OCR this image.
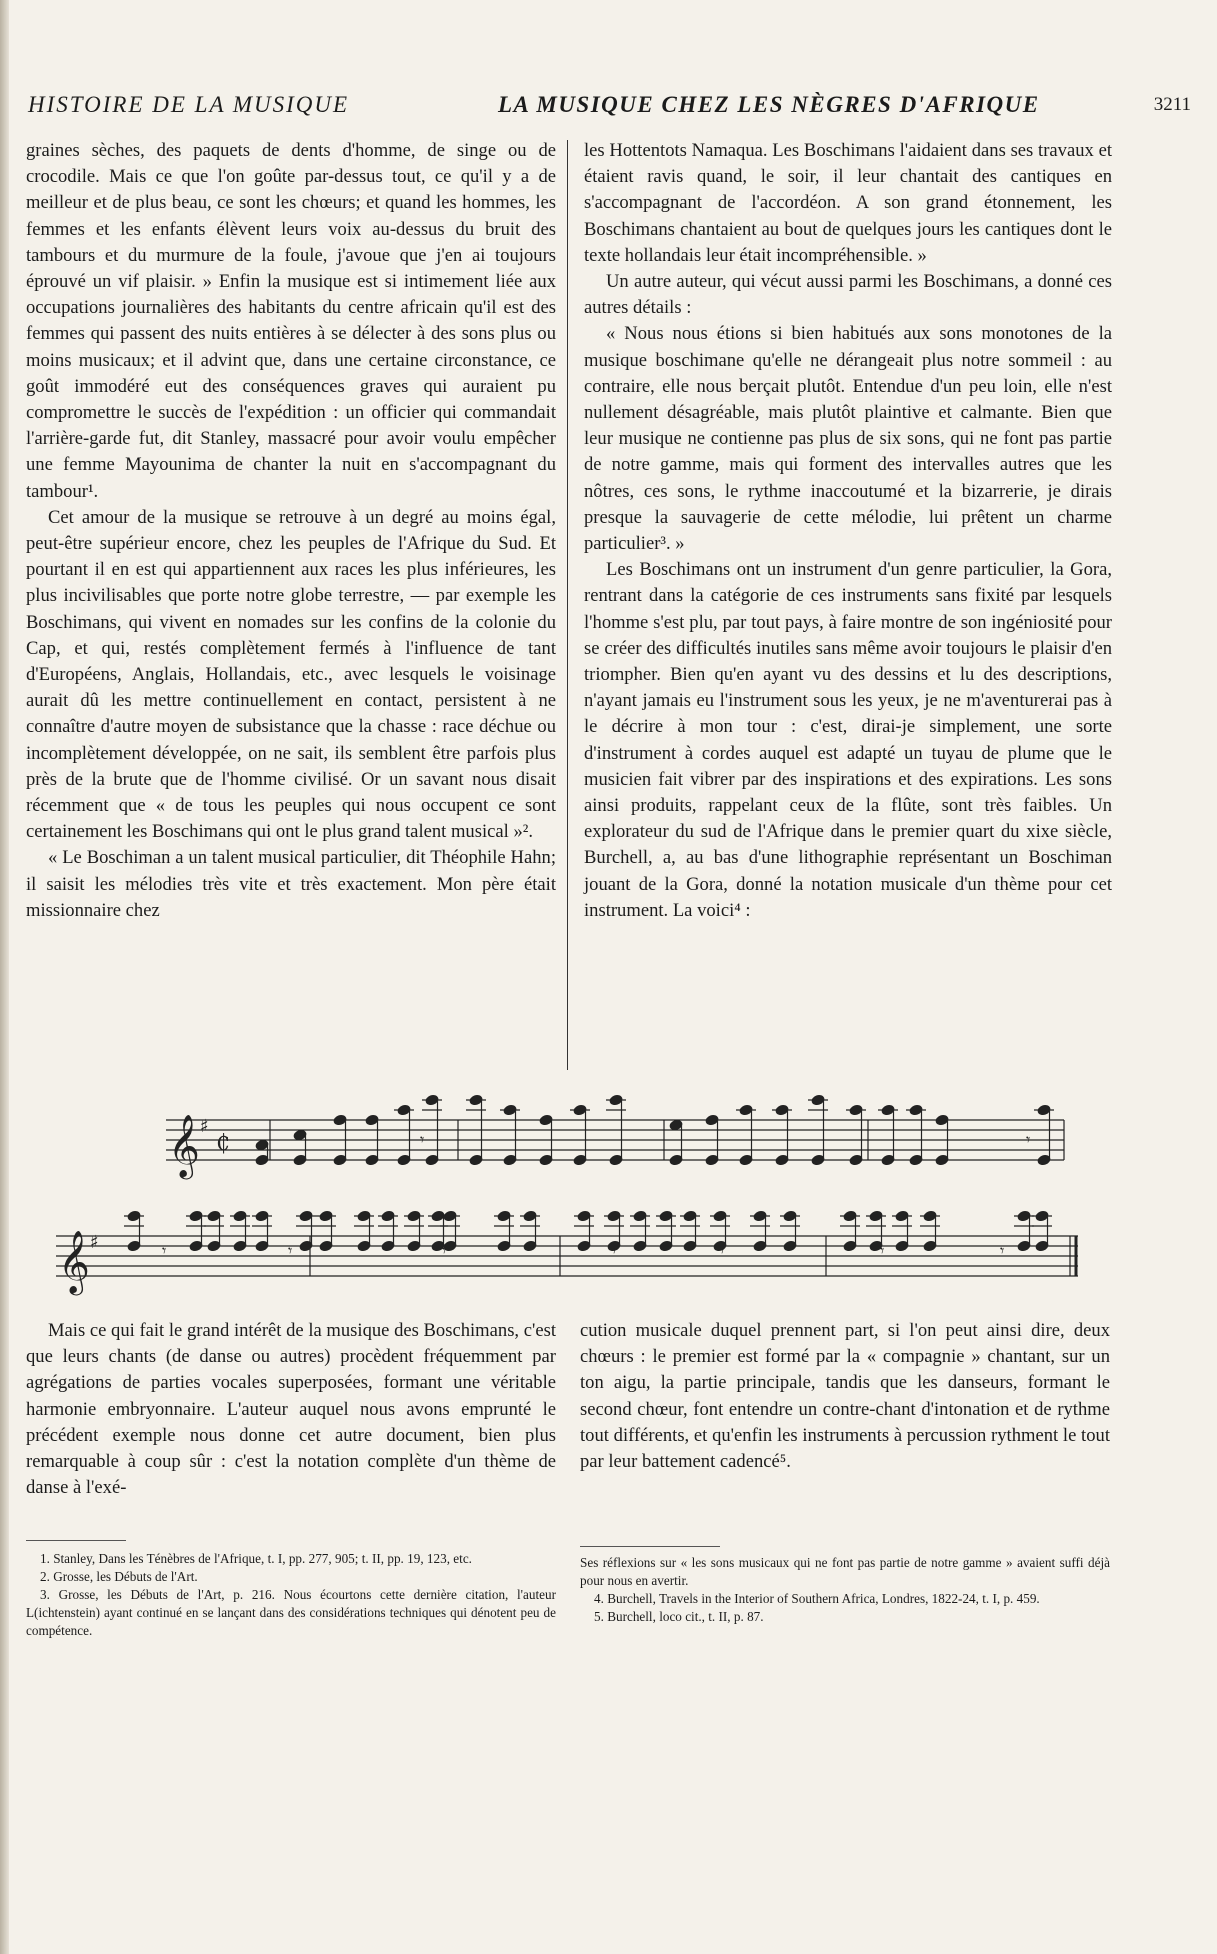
HISTOIRE DE LA MUSIQUE	LA MUSIQUE CHEZ LES NÈGRES D'AFRIQUE	3211

graines sèches, des paquets de dents d'homme, de singe ou de crocodile. Mais ce que l'on goûte par-dessus tout, ce qu'il y a de meilleur et de plus beau, ce sont les chœurs; et quand les hommes, les femmes et les enfants élèvent leurs voix au-dessus du bruit des tambours et du murmure de la foule, j'avoue que j'en ai toujours éprouvé un vif plaisir. » Enfin la musique est si intimement liée aux occupations journalières des habitants du centre africain qu'il est des femmes qui passent des nuits entières à se délecter à des sons plus ou moins musicaux; et il advint que, dans une certaine circonstance, ce goût immodéré eut des conséquences graves qui auraient pu compromettre le succès de l'expédition : un officier qui commandait l'arrière-garde fut, dit Stanley, massacré pour avoir voulu empêcher une femme Mayounima de chanter la nuit en s'accompagnant du tambour¹.

Cet amour de la musique se retrouve à un degré au moins égal, peut-être supérieur encore, chez les peuples de l'Afrique du Sud. Et pourtant il en est qui appartiennent aux races les plus inférieures, les plus incivilisables que porte notre globe terrestre, — par exemple les Boschimans, qui vivent en nomades sur les confins de la colonie du Cap, et qui, restés complètement fermés à l'influence de tant d'Européens, Anglais, Hollandais, etc., avec lesquels le voisinage aurait dû les mettre continuellement en contact, persistent à ne connaître d'autre moyen de subsistance que la chasse : race déchue ou incomplètement développée, on ne sait, ils semblent être parfois plus près de la brute que de l'homme civilisé. Or un savant nous disait récemment que « de tous les peuples qui nous occupent ce sont certainement les Boschimans qui ont le plus grand talent musical »².

« Le Boschiman a un talent musical particulier, dit Théophile Hahn; il saisit les mélodies très vite et très exactement. Mon père était missionnaire chez

les Hottentots Namaqua. Les Boschimans l'aidaient dans ses travaux et étaient ravis quand, le soir, il leur chantait des cantiques en s'accompagnant de l'accordéon. A son grand étonnement, les Boschimans chantaient au bout de quelques jours les cantiques dont le texte hollandais leur était incompréhensible. »

Un autre auteur, qui vécut aussi parmi les Boschimans, a donné ces autres détails :

« Nous nous étions si bien habitués aux sons monotones de la musique boschimane qu'elle ne dérangeait plus notre sommeil : au contraire, elle nous berçait plutôt. Entendue d'un peu loin, elle n'est nullement désagréable, mais plutôt plaintive et calmante. Bien que leur musique ne contienne pas plus de six sons, qui ne font pas partie de notre gamme, mais qui forment des intervalles autres que les nôtres, ces sons, le rythme inaccoutumé et la bizarrerie, je dirais presque la sauvagerie de cette mélodie, lui prêtent un charme particulier³. »

Les Boschimans ont un instrument d'un genre particulier, la Gora, rentrant dans la catégorie de ces instruments sans fixité par lesquels l'homme s'est plu, par tout pays, à faire montre de son ingéniosité pour se créer des difficultés inutiles sans même avoir toujours le plaisir d'en triompher. Bien qu'en ayant vu des dessins et lu des descriptions, n'ayant jamais eu l'instrument sous les yeux, je ne m'aventurerai pas à le décrire à mon tour : c'est, dirai-je simplement, une sorte d'instrument à cordes auquel est adapté un tuyau de plume que le musicien fait vibrer par des inspirations et des expirations. Les sons ainsi produits, rappelant ceux de la flûte, sont très faibles. Un explorateur du sud de l'Afrique dans le premier quart du xixe siècle, Burchell, a, au bas d'une lithographie représentant un Boschiman jouant de la Gora, donné la notation musicale d'un thème pour cet instrument. La voici⁴ :

𝄞 ♯
₵
𝄞 ♯
𝄾	𝄾
𝄾	𝄾	𝄾	𝄾	𝄾	𝄾	𝄾

Mais ce qui fait le grand intérêt de la musique des Boschimans, c'est que leurs chants (de danse ou autres) procèdent fréquemment par agrégations de parties vocales superposées, formant une véritable harmonie embryonnaire. L'auteur auquel nous avons emprunté le précédent exemple nous donne cet autre document, bien plus remarquable à coup sûr : c'est la notation complète d'un thème de danse à l'exé-

cution musicale duquel prennent part, si l'on peut ainsi dire, deux chœurs : le premier est formé par la « compagnie » chantant, sur un ton aigu, la partie principale, tandis que les danseurs, formant le second chœur, font entendre un contre-chant d'intonation et de rythme tout différents, et qu'enfin les instruments à percussion rythment le tout par leur battement cadencé⁵.

1. Stanley, Dans les Ténèbres de l'Afrique, t. I, pp. 277, 905; t. II, pp. 19, 123, etc.

2. Grosse, les Débuts de l'Art.

3. Grosse, les Débuts de l'Art, p. 216. Nous écourtons cette dernière citation, l'auteur L(ichtenstein) ayant continué en se lançant dans des considérations techniques qui dénotent peu de compétence.

Ses réflexions sur « les sons musicaux qui ne font pas partie de notre gamme » avaient suffi déjà pour nous en avertir.

4. Burchell, Travels in the Interior of Southern Africa, Londres, 1822-24, t. I, p. 459.

5. Burchell, loco cit., t. II, p. 87.
